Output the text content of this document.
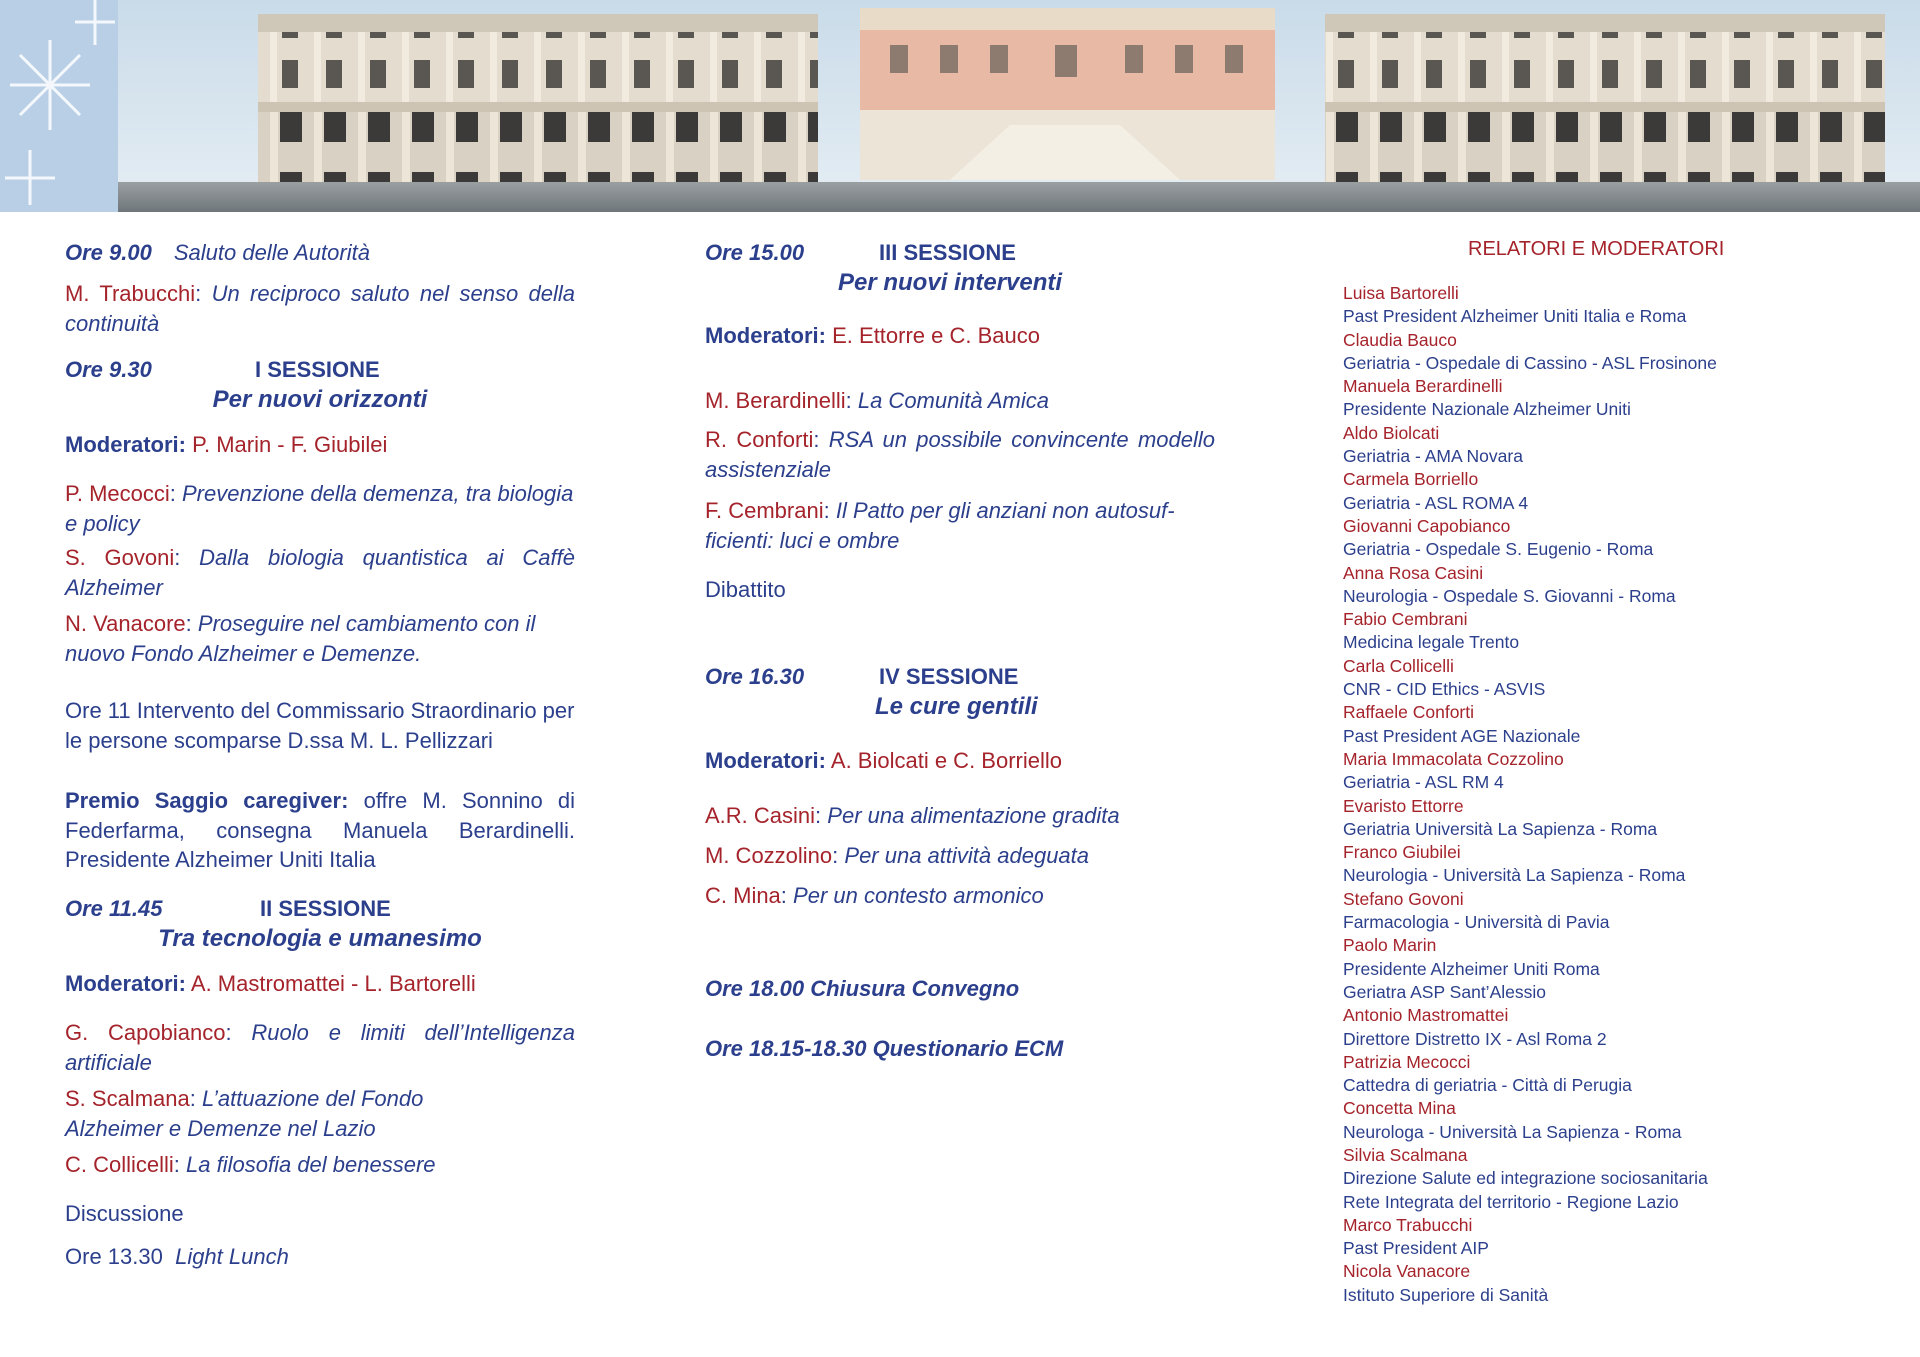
Ore 9.00 Saluto delle Autorità

M. Trabucchi: Un reciproco saluto nel senso della continuità

Ore 9.30	I SESSIONE

Per nuovi orizzonti

Moderatori: P. Marin - F. Giubilei

P. Mecocci: Prevenzione della demenza, tra biologia e policy

S. Govoni: Dalla biologia quantistica ai Caffè Alzheimer

N. Vanacore: Proseguire nel cambiamento con il nuovo Fondo Alzheimer e Demenze.

Ore 11 Intervento del Commissario Straordinario per le persone scomparse D.ssa M. L. Pellizzari

Premio Saggio caregiver: offre M. Sonnino di Federfarma, consegna Manuela Berardinelli. Presidente Alzheimer Uniti Italia

Ore 11.45	II SESSIONE

Tra tecnologia e umanesimo

Moderatori: A. Mastromattei - L. Bartorelli

G. Capobianco: Ruolo e limiti dell’Intelligenza artificiale

S. Scalmana: L’attuazione del Fondo Alzheimer e Demenze nel Lazio

C. Collicelli: La filosofia del benessere

Discussione

Ore 13.30 Light Lunch

Ore 15.00	III SESSIONE

Per nuovi interventi

Moderatori: E. Ettorre e C. Bauco

M. Berardinelli: La Comunità Amica

R. Conforti: RSA un possibile convincente modello assistenziale

F. Cembrani: Il Patto per gli anziani non autosuf-ficienti: luci e ombre

Dibattito

Ore 16.30	IV SESSIONE

Le cure gentili

Moderatori: A. Biolcati e C. Borriello

A.R. Casini: Per una alimentazione gradita

M. Cozzolino: Per una attività adeguata

C. Mina: Per un contesto armonico

Ore 18.00 Chiusura Convegno

Ore 18.15-18.30 Questionario ECM

RELATORI E MODERATORI
Luisa Bartorelli
Past President Alzheimer Uniti Italia e Roma
Claudia Bauco
Geriatria - Ospedale di Cassino - ASL Frosinone
Manuela Berardinelli
Presidente Nazionale Alzheimer Uniti
Aldo Biolcati
Geriatria - AMA Novara
Carmela Borriello
Geriatria - ASL ROMA 4
Giovanni Capobianco
Geriatria - Ospedale S. Eugenio - Roma
Anna Rosa Casini
Neurologia - Ospedale S. Giovanni - Roma
Fabio Cembrani
Medicina legale Trento
Carla Collicelli
CNR - CID Ethics - ASVIS
Raffaele Conforti
Past President AGE Nazionale
Maria Immacolata Cozzolino
Geriatria - ASL RM 4
Evaristo Ettorre
Geriatria Università La Sapienza - Roma
Franco Giubilei
Neurologia - Università La Sapienza - Roma
Stefano Govoni
Farmacologia - Università di Pavia
Paolo Marin
Presidente Alzheimer Uniti Roma
Geriatra ASP Sant’Alessio
Antonio Mastromattei
Direttore Distretto IX - Asl Roma 2
Patrizia Mecocci
Cattedra di geriatria - Città di Perugia
Concetta Mina
Neurologa - Università La Sapienza - Roma
Silvia Scalmana
Direzione Salute ed integrazione sociosanitaria
Rete Integrata del territorio - Regione Lazio
Marco Trabucchi
Past President AIP
Nicola Vanacore
Istituto Superiore di Sanità
